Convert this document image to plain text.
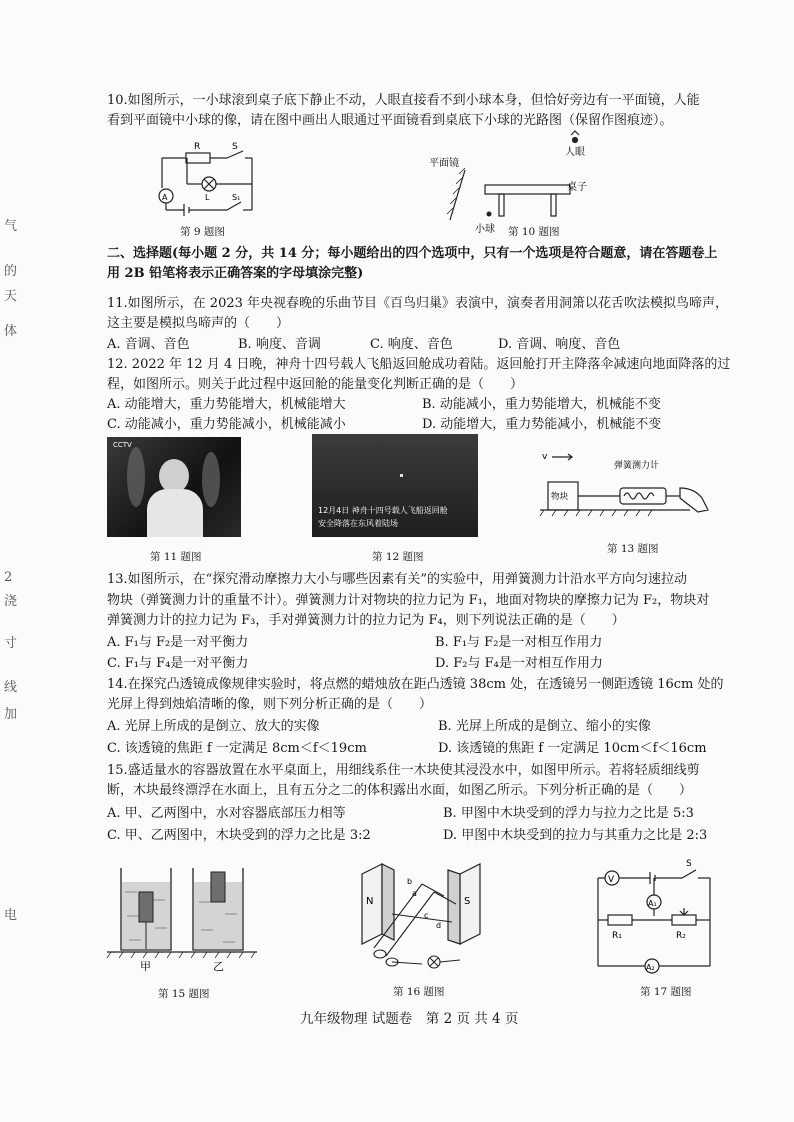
气
的
天
体
2
浇
寸
线
加
电
10.如图所示，一小球滚到桌子底下静止不动，人眼直接看不到小球本身，但恰好旁边有一平面镜，人能
看到平面镜中小球的像，请在图中画出人眼通过平面镜看到桌底下小球的光路图（保留作图痕迹）。
R	S
A	L	S₁
第 9 题图
平面镜
人眼
桌子
小球 第 10 题图
二、选择题(每小题 2 分，共 14 分；每小题给出的四个选项中，只有一个选项是符合题意，请在答题卷上
用 2B 铅笔将表示正确答案的字母填涂完整)
11.如图所示，在 2023 年央视春晚的乐曲节目《百鸟归巢》表演中，演奏者用洞箫以花舌吹法模拟鸟啼声，
这主要是模拟鸟啼声的（　　）
A. 音调、音色	B. 响度、音调	C. 响度、音色	D. 音调、响度、音色
12. 2022 年 12 月 4 日晚，神舟十四号载人飞船返回舱成功着陆。返回舱打开主降落伞减速向地面降落的过
程，如图所示。则关于此过程中返回舱的能量变化判断正确的是（　　）
A. 动能增大，重力势能增大，机械能增大	B. 动能减小，重力势能增大，机械能不变
C. 动能减小，重力势能减小，机械能减小	D. 动能增大，重力势能减小，机械能不变
CCTV
第 11 题图
12月4日 神舟十四号载人飞船返回舱
安全降落在东风着陆场
第 12 题图
v
物块
弹簧测力计
第 13 题图
13.如图所示，在“探究滑动摩擦力大小与哪些因素有关”的实验中，用弹簧测力计沿水平方向匀速拉动
物块（弹簧测力计的重量不计）。弹簧测力计对物块的拉力记为 F₁，地面对物块的摩擦力记为 F₂，物块对
弹簧测力计的拉力记为 F₃，手对弹簧测力计的拉力记为 F₄，则下列说法正确的是（　　）
A. F₁与 F₂是一对平衡力	B. F₁与 F₂是一对相互作用力
C. F₁与 F₄是一对平衡力	D. F₂与 F₄是一对相互作用力
14.在探究凸透镜成像规律实验时，将点燃的蜡烛放在距凸透镜 38cm 处，在透镜另一侧距透镜 16cm 处的
光屏上得到烛焰清晰的像，则下列分析正确的是（　　）
A. 光屏上所成的是倒立、放大的实像	B. 光屏上所成的是倒立、缩小的实像
C. 该透镜的焦距 f 一定满足 8cm＜f＜19cm	D. 该透镜的焦距 f 一定满足 10cm＜f＜16cm
15.盛适量水的容器放置在水平桌面上，用细线系住一木块使其浸没水中，如图甲所示。若将轻质细线剪
断，木块最终漂浮在水面上，且有五分之二的体积露出水面，如图乙所示。下列分析正确的是（　　）
A. 甲、乙两图中，水对容器底部压力相等	B. 甲图中木块受到的浮力与拉力之比是 5:3
C. 甲、乙两图中，木块受到的浮力之比是 3:2	D. 甲图中木块受到的拉力与其重力之比是 2:3
甲	乙
第 15 题图
N	S
a
b
c
d
第 16 题图
V
A₁
A₂
R₁	R₂
S
第 17 题图
九年级物理 试题卷　第 2 页 共 4 页
